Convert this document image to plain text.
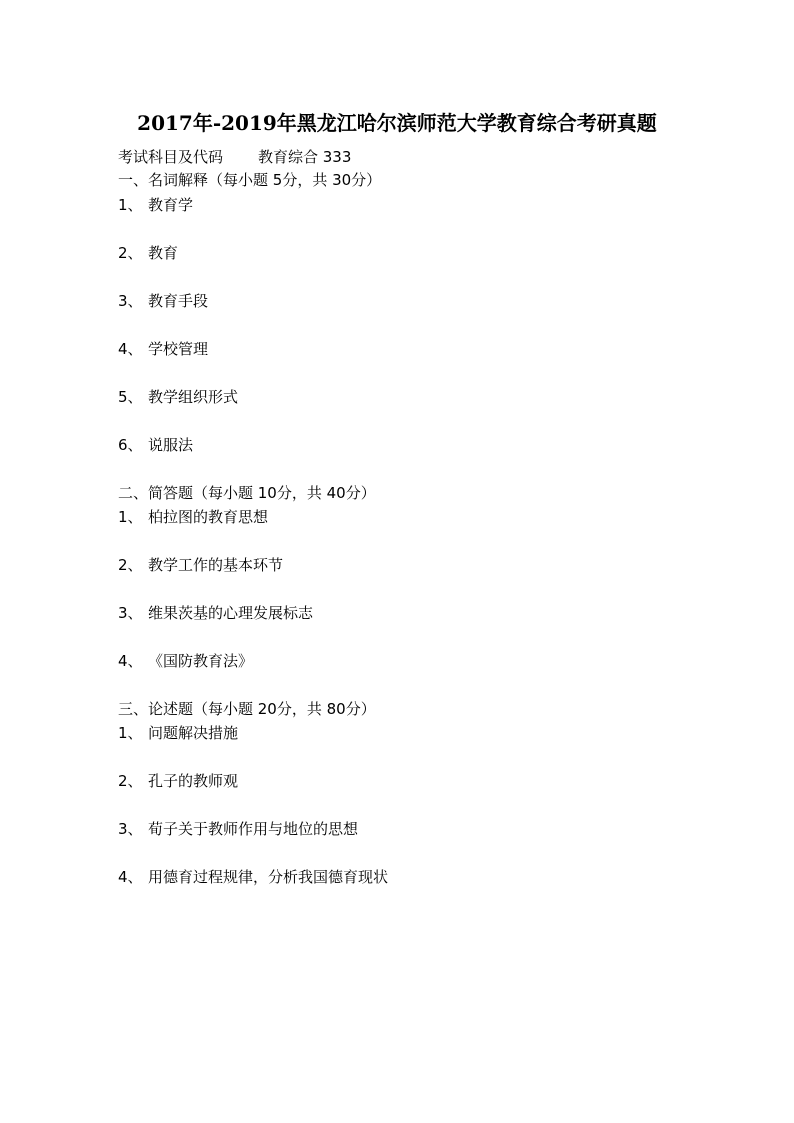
2017年-2019年黑龙江哈尔滨师范大学教育综合考研真题
考试科目及代码 教育综合 333
一、名词解释（每小题 5分，共 30分）
1、 教育学
2、 教育
3、 教育手段
4、 学校管理
5、 教学组织形式
6、 说服法
二、简答题（每小题 10分，共 40分）
1、 柏拉图的教育思想
2、 教学工作的基本环节
3、 维果茨基的心理发展标志
4、 《国防教育法》
三、论述题（每小题 20分，共 80分）
1、 问题解决措施
2、 孔子的教师观
3、 荀子关于教师作用与地位的思想
4、 用德育过程规律，分析我国德育现状
